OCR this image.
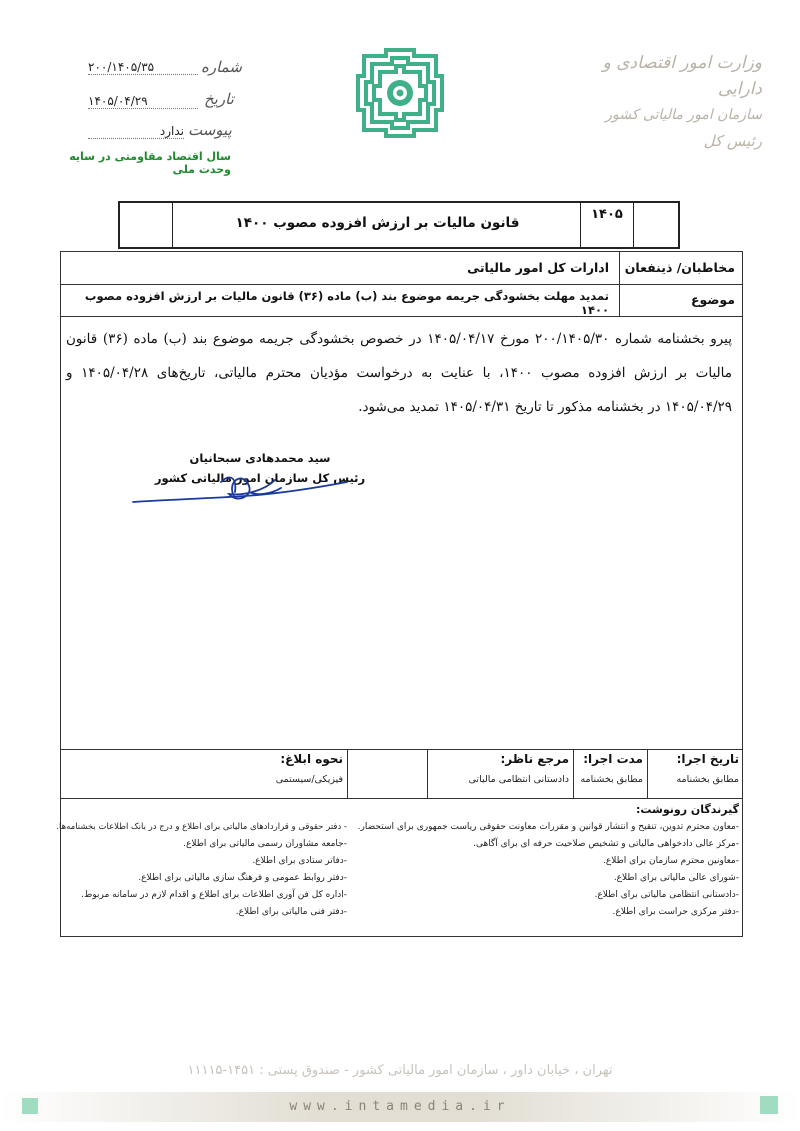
وزارت امور اقتصادی و دارایی
سازمان امور مالیاتی کشور
رئیس کل
شماره
۲۰۰/۱۴۰۵/۳۵
تاریخ
۱۴۰۵/۰۴/۲۹
پیوست
ندارد
سال اقتصاد مقاومتی در سایه وحدت ملی
قانون مالیات بر ارزش افزوده مصوب ۱۴۰۰
۱۴۰۵
مخاطبان/ ذینفعان
ادارات کل امور مالیاتی
موضوع
تمدید مهلت بخشودگی جریمه موضوع بند (ب) ماده (۳۶) قانون مالیات بر ارزش افزوده مصوب ۱۴۰۰
تاریخ اجرا:
مطابق بخشنامه
مدت اجرا:
مطابق بخشنامه
مرجع ناظر:
دادستانی انتظامی مالیاتی
نحوه ابلاغ:
فیزیکی/سیستمی
گیرندگان رونوشت:
-معاون محترم تدوین، تنقیح و انتشار قوانین و مقررات معاونت حقوقی ریاست جمهوری برای استحضار.
-مرکز عالی دادخواهی مالیاتی و تشخیص صلاحیت حرفه ای برای آگاهی.
-معاونین محترم سازمان برای اطلاع.
-شورای عالی مالیاتی برای اطلاع.
-دادستانی انتظامی مالیاتی برای اطلاع.
-دفتر مرکزی حراست برای اطلاع.
- دفتر حقوقی و قراردادهای مالیاتی برای اطلاع و درج در بانک اطلاعات بخشنامه‌ها.
-جامعه مشاوران رسمی مالیاتی برای اطلاع.
-دفاتر ستادی برای اطلاع.
-دفتر روابط عمومی و فرهنگ سازی مالیاتی برای اطلاع.
-اداره کل فن آوری اطلاعات برای اطلاع و اقدام لازم در سامانه مربوط.
-دفتر فنی مالیاتی برای اطلاع.
پیرو بخشنامه شماره ۲۰۰/۱۴۰۵/۳۰ مورخ ۱۴۰۵/۰۴/۱۷ در خصوص بخشودگی جریمه موضوع بند (ب) ماده (۳۶) قانون
مالیات بر ارزش افزوده مصوب ۱۴۰۰، با عنایت به درخواست مؤدیان محترم مالیاتی، تاریخ‌های ۱۴۰۵/۰۴/۲۸ و
۱۴۰۵/۰۴/۲۹ در بخشنامه مذکور تا تاریخ ۱۴۰۵/۰۴/۳۱ تمدید می‌شود.
سید محمدهادی سبحانیان
رئیس کل سازمان امور مالیاتی کشور
تهران ، خیابان داور ، سازمان امور مالیاتی کشور - صندوق پستی : ۱۴۵۱-۱۱۱۱۵
www.intamedia.ir
